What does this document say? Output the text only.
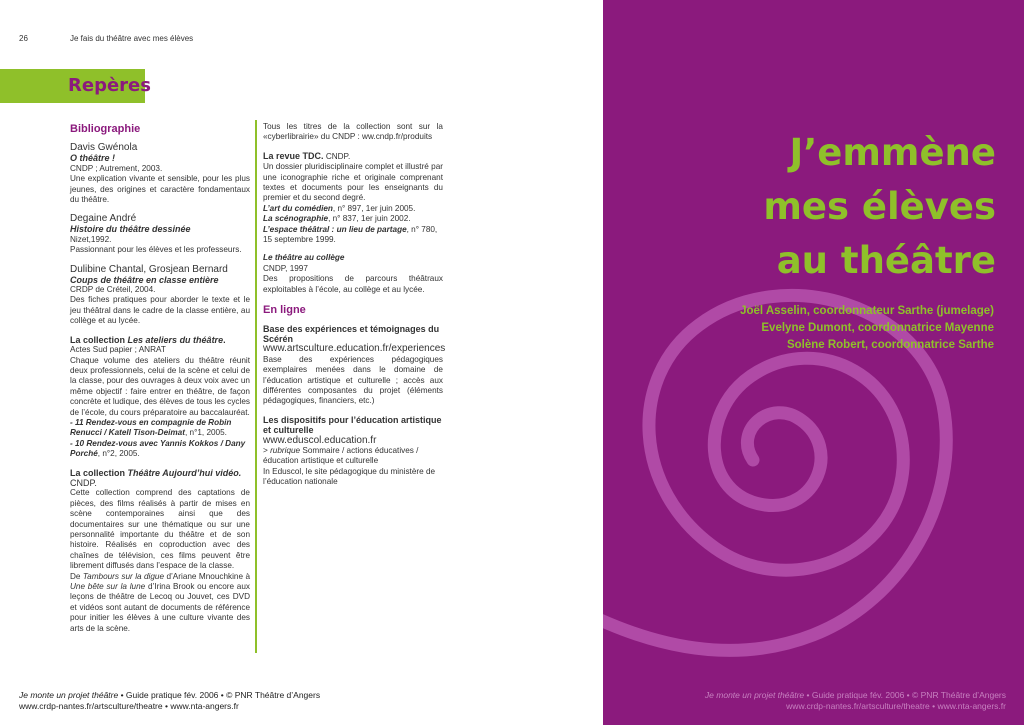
26	Je fais du théâtre avec mes élèves
Repères
Bibliographie
Davis Gwénola
O théâtre !
CNDP ; Autrement, 2003.
Une explication vivante et sensible, pour les plus jeunes, des origines et caractère fondamentaux du théâtre.
Degaine André
Histoire du théâtre dessinée
Nizet,1992.
Passionnant pour les élèves et les professeurs.
Dulibine Chantal, Grosjean Bernard
Coups de théâtre en classe entière
CRDP de Créteil, 2004.
Des fiches pratiques pour aborder le texte et le jeu théâtral dans le cadre de la classe entière, au collège et au lycée.
La collection Les ateliers du théâtre.
Actes Sud papier ; ANRAT
Chaque volume des ateliers du théâtre réunit deux professionnels, celui de la scène et celui de la classe, pour des ouvrages à deux voix avec un même objectif : faire entrer en théâtre, de façon concrète et ludique, des élèves de tous les cycles de l’école, du cours préparatoire au baccalauréat.
- 11 Rendez-vous en compagnie de Robin Renucci / Katell Tison-Deimat, n°1, 2005.
- 10 Rendez-vous avec Yannis Kokkos / Dany Porché, n°2, 2005.
La collection Théâtre Aujourd’hui vidéo. CNDP.
Cette collection comprend des captations de pièces, des films réalisés à partir de mises en scène contemporaines ainsi que des documentaires sur une thématique ou sur une personnalité importante du théâtre et de son histoire. Réalisés en coproduction avec des chaînes de télévision, ces films peuvent être librement diffusés dans l’espace de la classe.
De Tambours sur la digue d’Ariane Mnouchkine à Une bête sur la lune d’Irina Brook ou encore aux leçons de théâtre de Lecoq ou Jouvet, ces DVD et vidéos sont autant de documents de référence pour initier les élèves à une culture vivante des arts de la scène.
Tous les titres de la collection sont sur la «cyberlibrairie» du CNDP : ww.cndp.fr/produits
La revue TDC. CNDP.
Un dossier pluridisciplinaire complet et illustré par une iconographie riche et originale comprenant textes et documents pour les enseignants du premier et du second degré.
L’art du comédien, n° 897, 1er juin 2005.
La scénographie, n° 837, 1er juin 2002.
L’espace théâtral : un lieu de partage, n° 780, 15 septembre 1999.
Le théâtre au collège
CNDP, 1997
Des propositions de parcours théâtraux exploitables à l’école, au collège et au lycée.
En ligne
Base des expériences et témoignages du Scérén
www.artsculture.education.fr/experiences
Base des expériences pédagogiques exemplaires menées dans le domaine de l’éducation artistique et culturelle ; accès aux différentes composantes du projet (éléments pédagogiques, financiers, etc.)
Les dispositifs pour l’éducation artistique et culturelle
www.eduscol.education.fr
> rubrique Sommaire / actions éducatives / éducation artistique et culturelle
In Eduscol, le site pédagogique du ministère de l’éducation nationale
Je monte un projet théâtre • Guide pratique fév. 2006 • © PNR Théâtre d’Angers
www.crdp-nantes.fr/artsculture/theatre • www.nta-angers.fr
J’emmène
mes élèves
au théâtre
Joël Asselin, coordonnateur Sarthe (jumelage)
Evelyne Dumont, coordonnatrice Mayenne
Solène Robert, coordonnatrice Sarthe
Je monte un projet théâtre • Guide pratique fév. 2006 • © PNR Théâtre d’Angers
www.crdp-nantes.fr/artsculture/theatre • www.nta-angers.fr
